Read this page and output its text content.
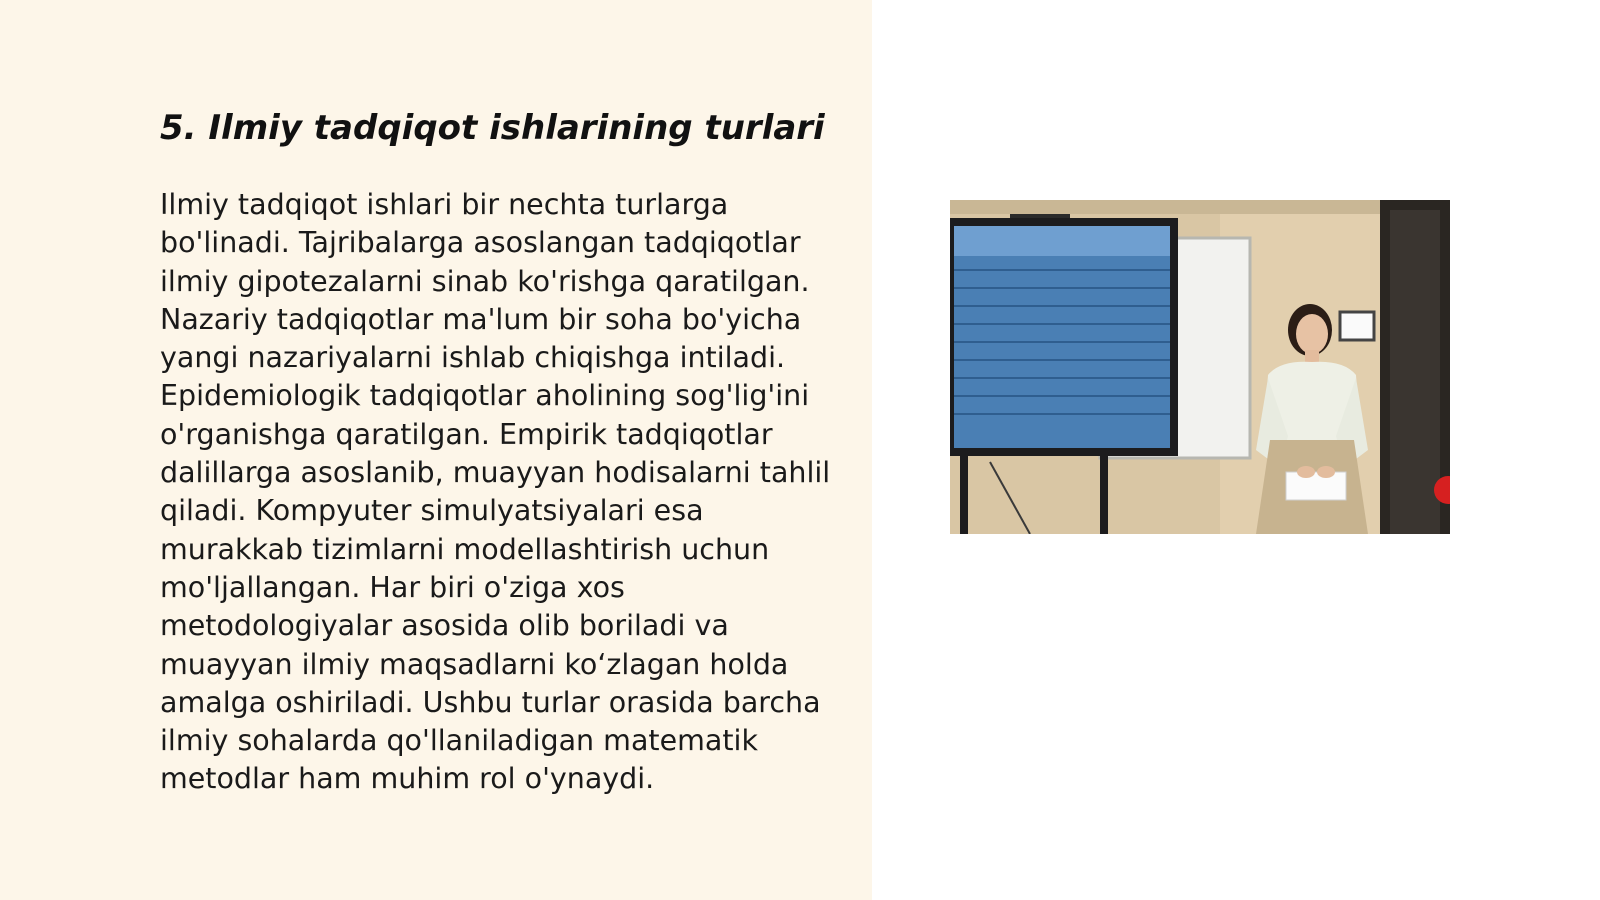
5. Ilmiy tadqiqot ishlarining turlari

Ilmiy tadqiqot ishlari bir nechta turlarga bo'linadi. Tajribalarga asoslangan tadqiqotlar ilmiy gipotezalarni sinab ko'rishga qaratilgan. Nazariy tadqiqotlar ma'lum bir soha bo'yicha yangi nazariyalarni ishlab chiqishga intiladi. Epidemiologik tadqiqotlar aholining sog'lig'ini o'rganishga qaratilgan. Empirik tadqiqotlar dalillarga asoslanib, muayyan hodisalarni tahlil qiladi. Kompyuter simulyatsiyalari esa murakkab tizimlarni modellashtirish uchun mo'ljallangan. Har biri o'ziga xos metodologiyalar asosida olib boriladi va muayyan ilmiy maqsadlarni ko‘zlagan holda amalga oshiriladi. Ushbu turlar orasida barcha ilmiy sohalarda qo'llaniladigan matematik metodlar ham muhim rol o'ynaydi.
